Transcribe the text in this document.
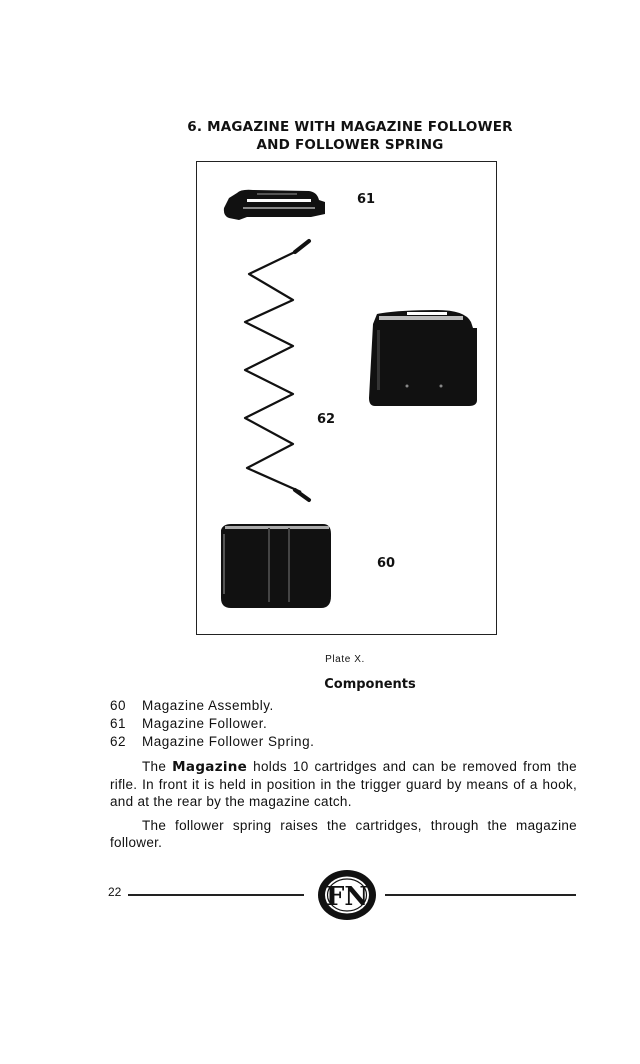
6. MAGAZINE WITH MAGAZINE FOLLOWER
AND FOLLOWER SPRING
61
62
60
Plate X.
Components
60	Magazine Assembly.
61	Magazine Follower.
62	Magazine Follower Spring.

The Magazine holds 10 cartridges and can be removed from the rifle. In front it is held in position in the trigger guard by means of a hook, and at the rear by the magazine catch.

The follower spring raises the cartridges, through the magazine follower.

22	FN
